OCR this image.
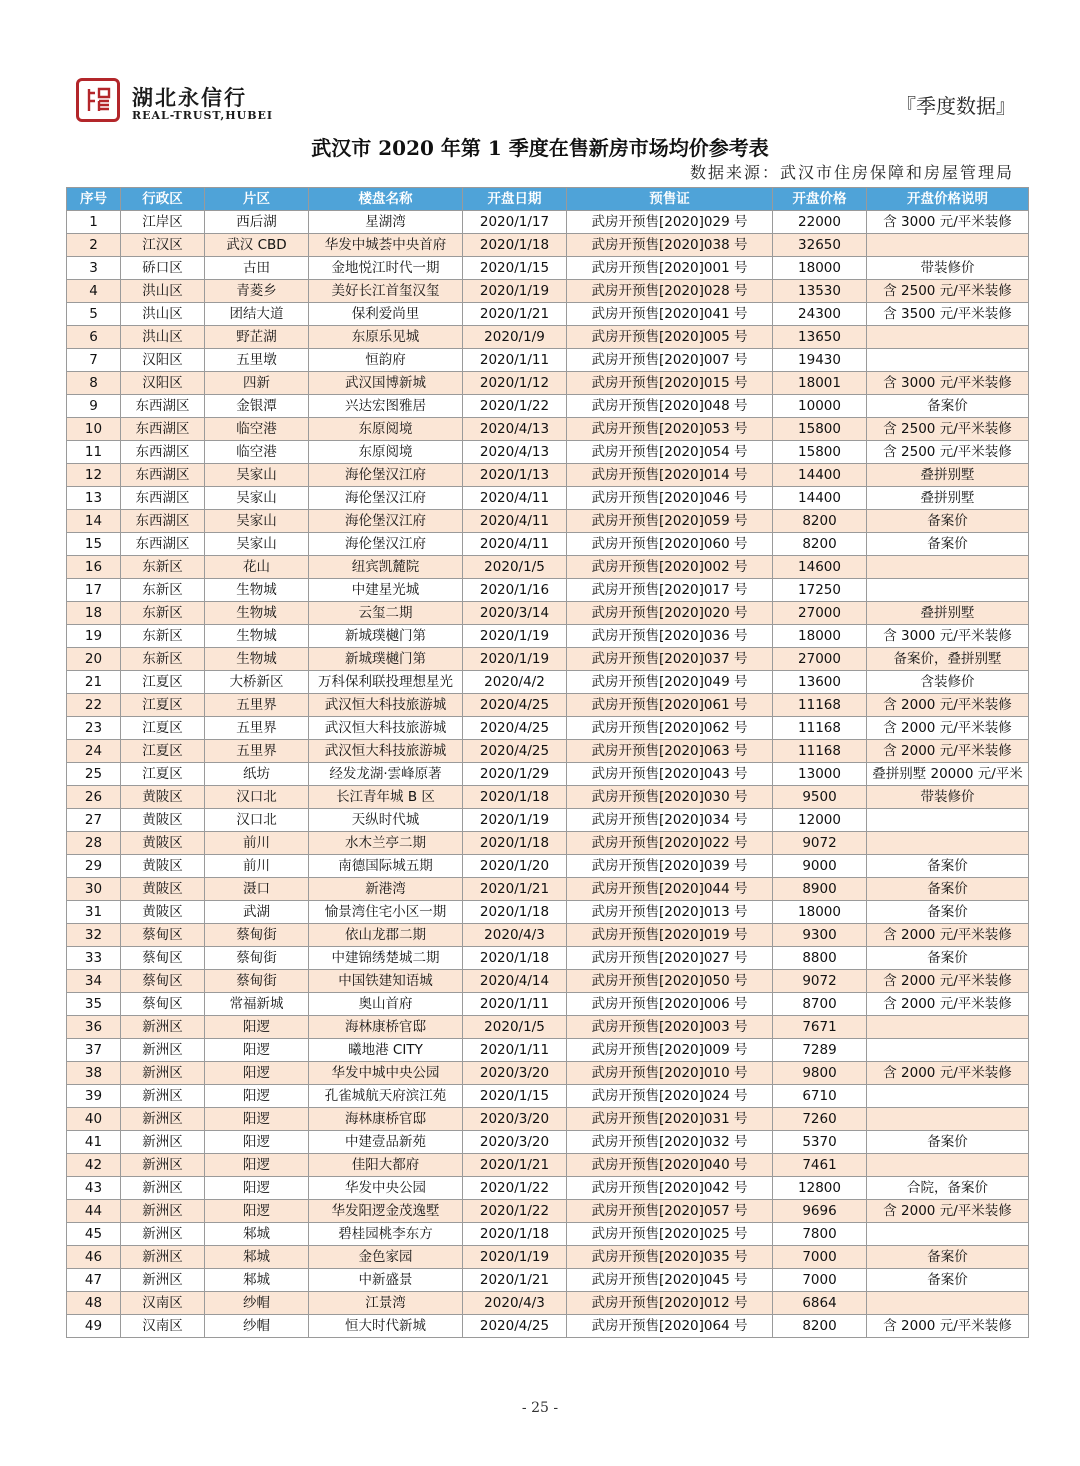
湖北永信行
REAL-TRUST,HUBEI	『季度数据』
武汉市 2020 年第 1 季度在售新房市场均价参考表
数据来源：武汉市住房保障和房屋管理局
序号	行政区	片区	楼盘名称	开盘日期	预售证	开盘价格	开盘价格说明
1	江岸区	西后湖	星湖湾	2020/1/17	武房开预售[2020]029 号	22000	含 3000 元/平米装修
2	江汉区	武汉 CBD	华发中城荟中央首府	2020/1/18	武房开预售[2020]038 号	32650	
3	硚口区	古田	金地悦江时代一期	2020/1/15	武房开预售[2020]001 号	18000	带装修价
4	洪山区	青菱乡	美好长江首玺汉玺	2020/1/19	武房开预售[2020]028 号	13530	含 2500 元/平米装修
5	洪山区	团结大道	保利爱尚里	2020/1/21	武房开预售[2020]041 号	24300	含 3500 元/平米装修
6	洪山区	野芷湖	东原乐见城	2020/1/9	武房开预售[2020]005 号	13650	
7	汉阳区	五里墩	恒韵府	2020/1/11	武房开预售[2020]007 号	19430	
8	汉阳区	四新	武汉国博新城	2020/1/12	武房开预售[2020]015 号	18001	含 3000 元/平米装修
9	东西湖区	金银潭	兴达宏图雅居	2020/1/22	武房开预售[2020]048 号	10000	备案价
10	东西湖区	临空港	东原阅境	2020/4/13	武房开预售[2020]053 号	15800	含 2500 元/平米装修
11	东西湖区	临空港	东原阅境	2020/4/13	武房开预售[2020]054 号	15800	含 2500 元/平米装修
12	东西湖区	吴家山	海伦堡汉江府	2020/1/13	武房开预售[2020]014 号	14400	叠拼别墅
13	东西湖区	吴家山	海伦堡汉江府	2020/4/11	武房开预售[2020]046 号	14400	叠拼别墅
14	东西湖区	吴家山	海伦堡汉江府	2020/4/11	武房开预售[2020]059 号	8200	备案价
15	东西湖区	吴家山	海伦堡汉江府	2020/4/11	武房开预售[2020]060 号	8200	备案价
16	东新区	花山	纽宾凯麓院	2020/1/5	武房开预售[2020]002 号	14600	
17	东新区	生物城	中建星光城	2020/1/16	武房开预售[2020]017 号	17250	
18	东新区	生物城	云玺二期	2020/3/14	武房开预售[2020]020 号	27000	叠拼别墅
19	东新区	生物城	新城璞樾门第	2020/1/19	武房开预售[2020]036 号	18000	含 3000 元/平米装修
20	东新区	生物城	新城璞樾门第	2020/1/19	武房开预售[2020]037 号	27000	备案价，叠拼别墅
21	江夏区	大桥新区	万科保利联投理想星光	2020/4/2	武房开预售[2020]049 号	13600	含装修价
22	江夏区	五里界	武汉恒大科技旅游城	2020/4/25	武房开预售[2020]061 号	11168	含 2000 元/平米装修
23	江夏区	五里界	武汉恒大科技旅游城	2020/4/25	武房开预售[2020]062 号	11168	含 2000 元/平米装修
24	江夏区	五里界	武汉恒大科技旅游城	2020/4/25	武房开预售[2020]063 号	11168	含 2000 元/平米装修
25	江夏区	纸坊	经发龙湖·雲峰原著	2020/1/29	武房开预售[2020]043 号	13000	叠拼别墅 20000 元/平米
26	黄陂区	汉口北	长江青年城 B 区	2020/1/18	武房开预售[2020]030 号	9500	带装修价
27	黄陂区	汉口北	天纵时代城	2020/1/19	武房开预售[2020]034 号	12000	
28	黄陂区	前川	水木兰亭二期	2020/1/18	武房开预售[2020]022 号	9072	
29	黄陂区	前川	南德国际城五期	2020/1/20	武房开预售[2020]039 号	9000	备案价
30	黄陂区	滠口	新港湾	2020/1/21	武房开预售[2020]044 号	8900	备案价
31	黄陂区	武湖	愉景湾住宅小区一期	2020/1/18	武房开预售[2020]013 号	18000	备案价
32	蔡甸区	蔡甸街	依山龙郡二期	2020/4/3	武房开预售[2020]019 号	9300	含 2000 元/平米装修
33	蔡甸区	蔡甸街	中建锦绣楚城二期	2020/1/18	武房开预售[2020]027 号	8800	备案价
34	蔡甸区	蔡甸街	中国铁建知语城	2020/4/14	武房开预售[2020]050 号	9072	含 2000 元/平米装修
35	蔡甸区	常福新城	奥山首府	2020/1/11	武房开预售[2020]006 号	8700	含 2000 元/平米装修
36	新洲区	阳逻	海林康桥官邸	2020/1/5	武房开预售[2020]003 号	7671	
37	新洲区	阳逻	曦地港 CITY	2020/1/11	武房开预售[2020]009 号	7289	
38	新洲区	阳逻	华发中城中央公园	2020/3/20	武房开预售[2020]010 号	9800	含 2000 元/平米装修
39	新洲区	阳逻	孔雀城航天府滨江苑	2020/1/15	武房开预售[2020]024 号	6710	
40	新洲区	阳逻	海林康桥官邸	2020/3/20	武房开预售[2020]031 号	7260	
41	新洲区	阳逻	中建壹品新苑	2020/3/20	武房开预售[2020]032 号	5370	备案价
42	新洲区	阳逻	佳阳大都府	2020/1/21	武房开预售[2020]040 号	7461	
43	新洲区	阳逻	华发中央公园	2020/1/22	武房开预售[2020]042 号	12800	合院，备案价
44	新洲区	阳逻	华发阳逻金茂逸墅	2020/1/22	武房开预售[2020]057 号	9696	含 2000 元/平米装修
45	新洲区	邾城	碧桂园桃李东方	2020/1/18	武房开预售[2020]025 号	7800	
46	新洲区	邾城	金色家园	2020/1/19	武房开预售[2020]035 号	7000	备案价
47	新洲区	邾城	中新盛景	2020/1/21	武房开预售[2020]045 号	7000	备案价
48	汉南区	纱帽	江景湾	2020/4/3	武房开预售[2020]012 号	6864	
49	汉南区	纱帽	恒大时代新城	2020/4/25	武房开预售[2020]064 号	8200	含 2000 元/平米装修
- 25 -
